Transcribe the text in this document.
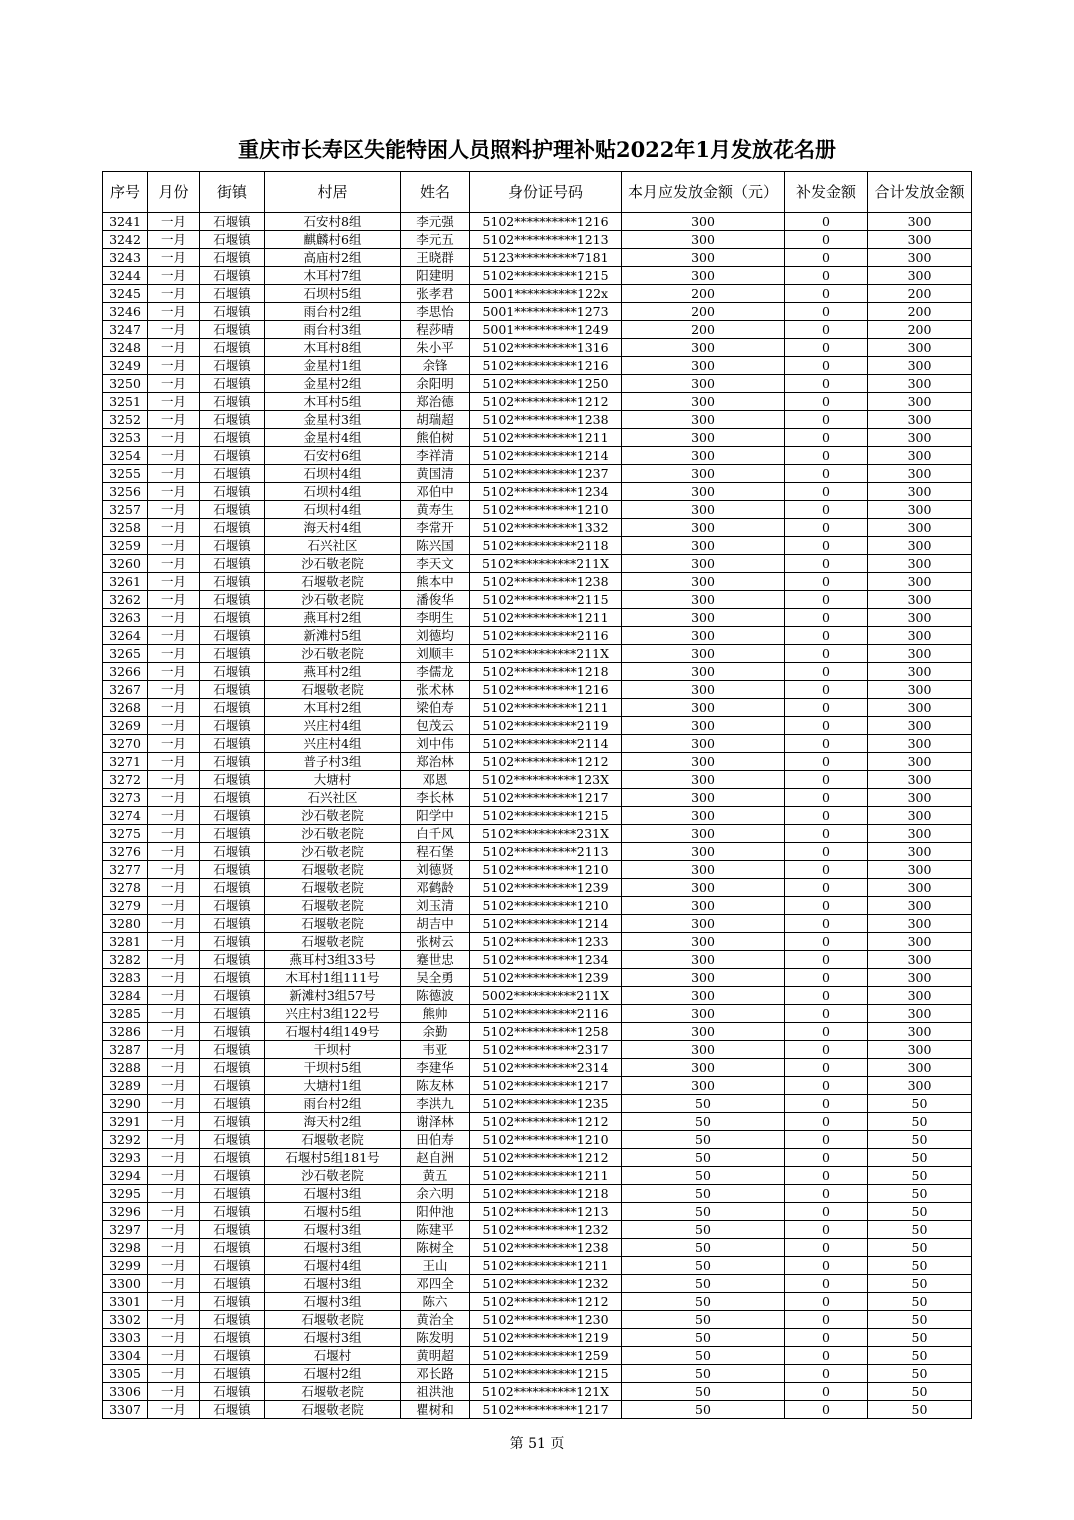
重庆市长寿区失能特困人员照料护理补贴2022年1月发放花名册
序号	月份	街镇	村居	姓名	身份证号码	本月应发放金额（元）	补发金额	合计发放金额
3241	一月	石堰镇	石安村8组	李元强	5102**********1216	300	0	300
3242	一月	石堰镇	麒麟村6组	李元五	5102**********1213	300	0	300
3243	一月	石堰镇	高庙村2组	王晓群	5123**********7181	300	0	300
3244	一月	石堰镇	木耳村7组	阳建明	5102**********1215	300	0	300
3245	一月	石堰镇	石坝村5组	张孝君	5001**********122x	200	0	200
3246	一月	石堰镇	雨台村2组	李思怡	5001**********1273	200	0	200
3247	一月	石堰镇	雨台村3组	程莎晴	5001**********1249	200	0	200
3248	一月	石堰镇	木耳村8组	朱小平	5102**********1316	300	0	300
3249	一月	石堰镇	金星村1组	余锋	5102**********1216	300	0	300
3250	一月	石堰镇	金星村2组	余阳明	5102**********1250	300	0	300
3251	一月	石堰镇	木耳村5组	郑治德	5102**********1212	300	0	300
3252	一月	石堰镇	金星村3组	胡瑞超	5102**********1238	300	0	300
3253	一月	石堰镇	金星村4组	熊伯树	5102**********1211	300	0	300
3254	一月	石堰镇	石安村6组	李祥清	5102**********1214	300	0	300
3255	一月	石堰镇	石坝村4组	黄国清	5102**********1237	300	0	300
3256	一月	石堰镇	石坝村4组	邓伯中	5102**********1234	300	0	300
3257	一月	石堰镇	石坝村4组	黄寿生	5102**********1210	300	0	300
3258	一月	石堰镇	海天村4组	李常开	5102**********1332	300	0	300
3259	一月	石堰镇	石兴社区	陈兴国	5102**********2118	300	0	300
3260	一月	石堰镇	沙石敬老院	李天文	5102**********211X	300	0	300
3261	一月	石堰镇	石堰敬老院	熊本中	5102**********1238	300	0	300
3262	一月	石堰镇	沙石敬老院	潘俊华	5102**********2115	300	0	300
3263	一月	石堰镇	燕耳村2组	李明生	5102**********1211	300	0	300
3264	一月	石堰镇	新滩村5组	刘德均	5102**********2116	300	0	300
3265	一月	石堰镇	沙石敬老院	刘顺丰	5102**********211X	300	0	300
3266	一月	石堰镇	燕耳村2组	李儒龙	5102**********1218	300	0	300
3267	一月	石堰镇	石堰敬老院	张术林	5102**********1216	300	0	300
3268	一月	石堰镇	木耳村2组	梁伯寿	5102**********1211	300	0	300
3269	一月	石堰镇	兴庄村4组	包茂云	5102**********2119	300	0	300
3270	一月	石堰镇	兴庄村4组	刘中伟	5102**********2114	300	0	300
3271	一月	石堰镇	普子村3组	郑治林	5102**********1212	300	0	300
3272	一月	石堰镇	大塘村	邓恩	5102**********123X	300	0	300
3273	一月	石堰镇	石兴社区	李长林	5102**********1217	300	0	300
3274	一月	石堰镇	沙石敬老院	阳学中	5102**********1215	300	0	300
3275	一月	石堰镇	沙石敬老院	白千风	5102**********231X	300	0	300
3276	一月	石堰镇	沙石敬老院	程石堡	5102**********2113	300	0	300
3277	一月	石堰镇	石堰敬老院	刘德贤	5102**********1210	300	0	300
3278	一月	石堰镇	石堰敬老院	邓鹤龄	5102**********1239	300	0	300
3279	一月	石堰镇	石堰敬老院	刘玉清	5102**********1210	300	0	300
3280	一月	石堰镇	石堰敬老院	胡吉中	5102**********1214	300	0	300
3281	一月	石堰镇	石堰敬老院	张树云	5102**********1233	300	0	300
3282	一月	石堰镇	燕耳村3组33号	蹇世忠	5102**********1234	300	0	300
3283	一月	石堰镇	木耳村1组111号	吴全勇	5102**********1239	300	0	300
3284	一月	石堰镇	新滩村3组57号	陈德波	5002**********211X	300	0	300
3285	一月	石堰镇	兴庄村3组122号	熊帅	5102**********2116	300	0	300
3286	一月	石堰镇	石堰村4组149号	余勤	5102**********1258	300	0	300
3287	一月	石堰镇	干坝村	韦亚	5102**********2317	300	0	300
3288	一月	石堰镇	干坝村5组	李建华	5102**********2314	300	0	300
3289	一月	石堰镇	大塘村1组	陈友林	5102**********1217	300	0	300
3290	一月	石堰镇	雨台村2组	李洪九	5102**********1235	50	0	50
3291	一月	石堰镇	海天村2组	谢泽林	5102**********1212	50	0	50
3292	一月	石堰镇	石堰敬老院	田伯寿	5102**********1210	50	0	50
3293	一月	石堰镇	石堰村5组181号	赵自洲	5102**********1212	50	0	50
3294	一月	石堰镇	沙石敬老院	黄五	5102**********1211	50	0	50
3295	一月	石堰镇	石堰村3组	余六明	5102**********1218	50	0	50
3296	一月	石堰镇	石堰村5组	阳仲池	5102**********1213	50	0	50
3297	一月	石堰镇	石堰村3组	陈建平	5102**********1232	50	0	50
3298	一月	石堰镇	石堰村3组	陈树全	5102**********1238	50	0	50
3299	一月	石堰镇	石堰村4组	王山	5102**********1211	50	0	50
3300	一月	石堰镇	石堰村3组	邓四全	5102**********1232	50	0	50
3301	一月	石堰镇	石堰村3组	陈六	5102**********1212	50	0	50
3302	一月	石堰镇	石堰敬老院	黄治全	5102**********1230	50	0	50
3303	一月	石堰镇	石堰村3组	陈发明	5102**********1219	50	0	50
3304	一月	石堰镇	石堰村	黄明超	5102**********1259	50	0	50
3305	一月	石堰镇	石堰村2组	邓长路	5102**********1215	50	0	50
3306	一月	石堰镇	石堰敬老院	祖洪池	5102**********121X	50	0	50
3307	一月	石堰镇	石堰敬老院	瞿树和	5102**********1217	50	0	50
第 51 页
